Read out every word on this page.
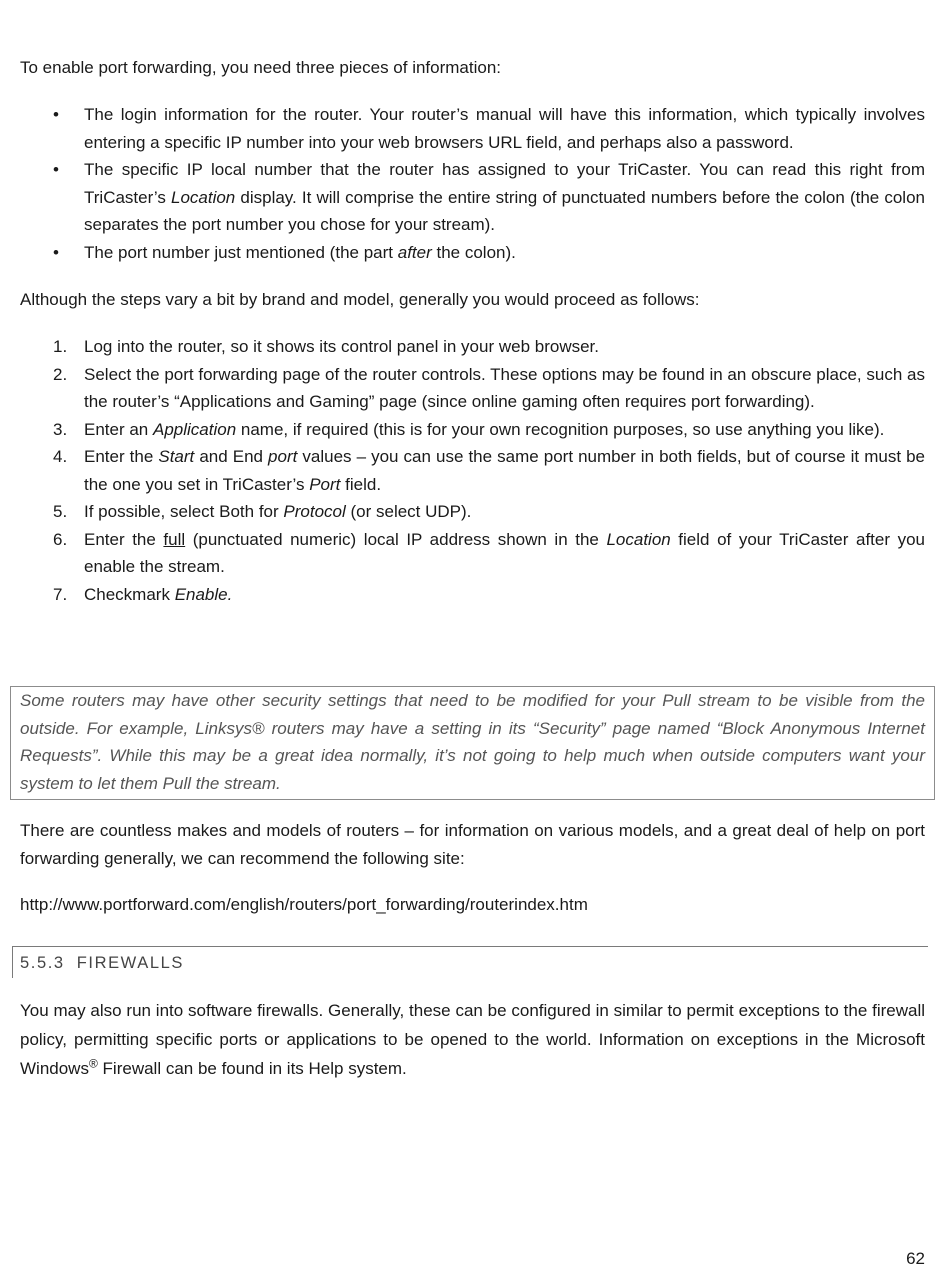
To enable port forwarding, you need three pieces of information:

• The login information for the router. Your router’s manual will have this information, which typically involves entering a specific IP number into your web browsers URL field, and perhaps also a password.
• The specific IP local number that the router has assigned to your TriCaster. You can read this right from TriCaster’s Location display. It will comprise the entire string of punctuated numbers before the colon (the colon separates the port number you chose for your stream).
• The port number just mentioned (the part after the colon).

Although the steps vary a bit by brand and model, generally you would proceed as follows:

1. Log into the router, so it shows its control panel in your web browser.
2. Select the port forwarding page of the router controls. These options may be found in an obscure place, such as the router’s “Applications and Gaming” page (since online gaming often requires port forwarding).
3. Enter an Application name, if required (this is for your own recognition purposes, so use anything you like).
4. Enter the Start and End port values – you can use the same port number in both fields, but of course it must be the one you set in TriCaster’s Port field.
5. If possible, select Both for Protocol (or select UDP).
6. Enter the full (punctuated numeric) local IP address shown in the Location field of your TriCaster after you enable the stream.
7. Checkmark Enable.
Some routers may have other security settings that need to be modified for your Pull stream to be visible from the outside. For example, Linksys® routers may have a setting in its “Security” page named “Block Anonymous Internet Requests”. While this may be a great idea normally, it’s not going to help much when outside computers want your system to let them Pull the stream.

There are countless makes and models of routers – for information on various models, and a great deal of help on port forwarding generally, we can recommend the following site:

http://www.portforward.com/english/routers/port_forwarding/routerindex.htm

5.5.3 FIREWALLS

You may also run into software firewalls. Generally, these can be configured in similar to permit exceptions to the firewall policy, permitting specific ports or applications to be opened to the world. Information on exceptions in the Microsoft Windows® Firewall can be found in its Help system.

62
